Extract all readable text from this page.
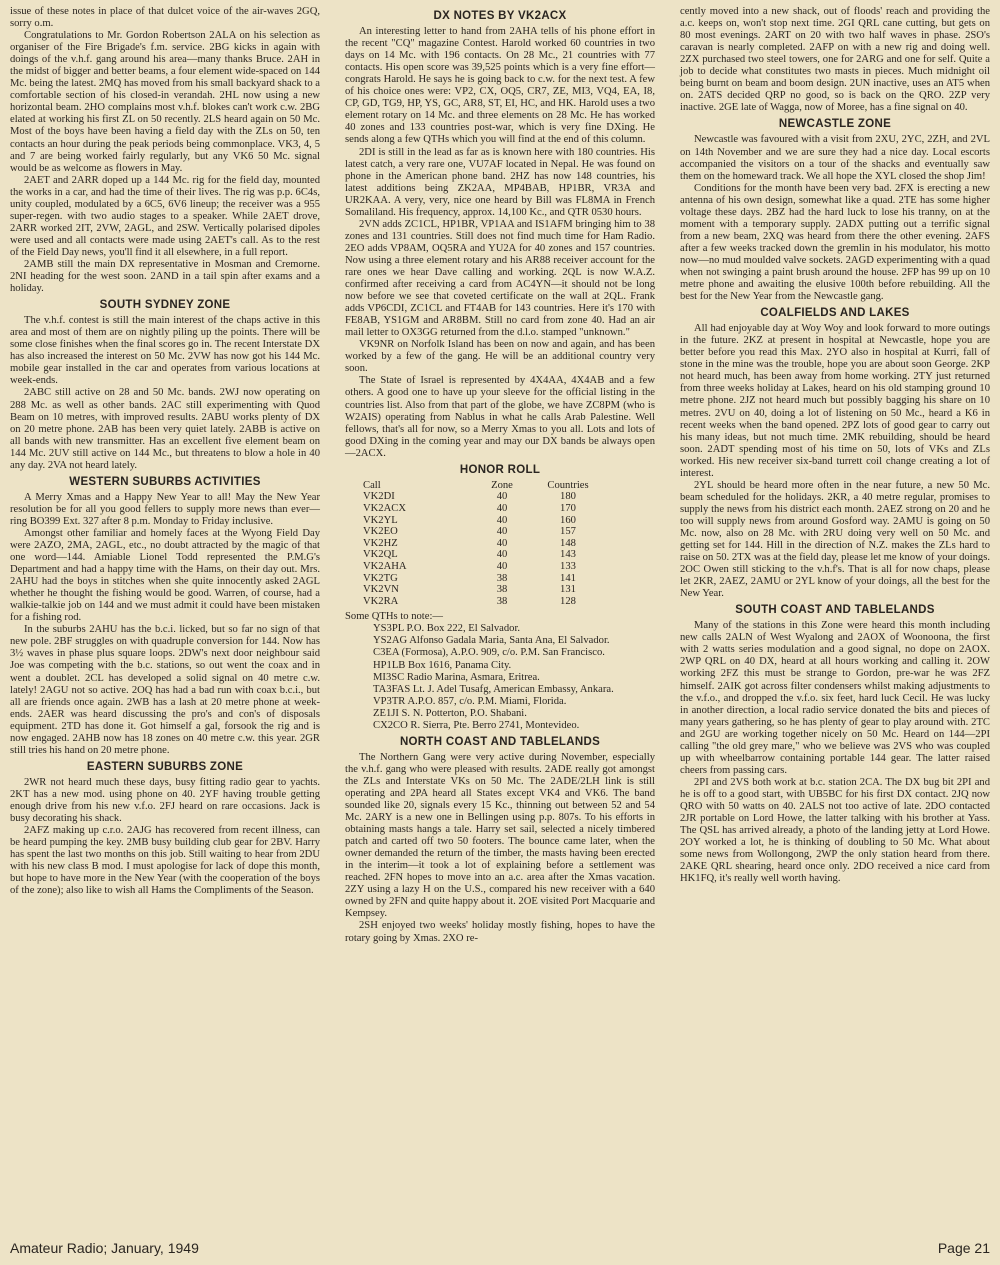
issue of these notes in place of that dulcet voice of the air-waves 2GQ, sorry o.m.

Congratulations to Mr. Gordon Robertson 2ALA on his selection as organiser of the Fire Brigade's f.m. service. 2BG kicks in again with doings of the v.h.f. gang around his area—many thanks Bruce. 2AH in the midst of bigger and better beams, a four element wide-spaced on 144 Mc. being the latest. 2MQ has moved from his small backyard shack to a comfortable section of his closed-in verandah. 2HL now using a new horizontal beam. 2HO complains most v.h.f. blokes can't work c.w. 2BG elated at working his first ZL on 50 recently. 2LS heard again on 50 Mc. Most of the boys have been having a field day with the ZLs on 50, ten contacts an hour during the peak periods being commonplace. VK3, 4, 5 and 7 are being worked fairly regularly, but any VK6 50 Mc. signal would be as welcome as flowers in May.

2AET and 2ARR doped up a 144 Mc. rig for the field day, mounted the works in a car, and had the time of their lives. The rig was p.p. 6C4s, unity coupled, modulated by a 6C5, 6V6 lineup; the receiver was a 955 super-regen. with two audio stages to a speaker. While 2AET drove, 2ARR worked 2IT, 2VW, 2AGL, and 2SW. Vertically polarised dipoles were used and all contacts were made using 2AET's call. As to the rest of the Field Day news, you'll find it all elsewhere, in a full report.

2AMB still the main DX representative in Mosman and Cremorne. 2NI heading for the west soon. 2AND in a tail spin after exams and a holiday.

SOUTH SYDNEY ZONE

The v.h.f. contest is still the main interest of the chaps active in this area and most of them are on nightly piling up the points. There will be some close finishes when the final scores go in. The recent Interstate DX has also increased the interest on 50 Mc. 2VW has now got his 144 Mc. mobile gear installed in the car and operates from various locations at week-ends.

2ABC still active on 28 and 50 Mc. bands. 2WJ now operating on 288 Mc. as well as other bands. 2AC still experimenting with Quod Beam on 10 metres, with improved results. 2ABU works plenty of DX on 20 metre phone. 2AB has been very quiet lately. 2ABB is active on all bands with new transmitter. Has an excellent five element beam on 144 Mc. 2UV still active on 144 Mc., but threatens to blow a hole in 40 any day. 2VA not heard lately.

WESTERN SUBURBS ACTIVITIES

A Merry Xmas and a Happy New Year to all! May the New Year resolution be for all you good fellers to supply more news than ever—ring BO399 Ext. 327 after 8 p.m. Monday to Friday inclusive.

Amongst other familiar and homely faces at the Wyong Field Day were 2AZO, 2MA, 2AGL, etc., no doubt attracted by the magic of that one word—144. Amiable Lionel Todd represented the P.M.G's Department and had a happy time with the Hams, on their day out. Mrs. 2AHU had the boys in stitches when she quite innocently asked 2AGL whether he thought the fishing would be good. Warren, of course, had a walkie-talkie job on 144 and we must admit it could have been mistaken for a fishing rod.

In the suburbs 2AHU has the b.c.i. licked, but so far no sign of that new pole. 2BF struggles on with quadruple conversion for 144. Now has 3½ waves in phase plus square loops. 2DW's next door neighbour said Joe was competing with the b.c. stations, so out went the coax and in went a doublet. 2CL has developed a solid signal on 40 metre c.w. lately! 2AGU not so active. 2OQ has had a bad run with coax b.c.i., but all are friends once again. 2WB has a lash at 20 metre phone at week-ends. 2AER was heard discussing the pro's and con's of disposals equipment. 2TD has done it. Got himself a gal, forsook the rig and is now engaged. 2AHB now has 18 zones on 40 metre c.w. this year. 2GR still tries his hand on 20 metre phone.

EASTERN SUBURBS ZONE

2WR not heard much these days, busy fitting radio gear to yachts. 2KT has a new mod. using phone on 40. 2YF having trouble getting enough drive from his new v.f.o. 2FJ heard on rare occasions. Jack is busy decorating his shack.

2AFZ making up c.r.o. 2AJG has recovered from recent illness, can be heard pumping the key. 2MB busy building club gear for 2BV. Harry has spent the last two months on this job. Still waiting to hear from 2DU with his new class B mod. I must apologise for lack of dope this month, but hope to have more in the New Year (with the cooperation of the boys of the zone); also like to wish all Hams the Compliments of the Season.

DX NOTES BY VK2ACX

An interesting letter to hand from 2AHA tells of his phone effort in the recent "CQ" magazine Contest. Harold worked 60 countries in two days on 14 Mc. with 196 contacts. On 28 Mc., 21 countries with 77 contacts. His open score was 39,525 points which is a very fine effort—congrats Harold. He says he is going back to c.w. for the next test. A few of his choice ones were: VP2, CX, OQ5, CR7, ZE, MI3, VQ4, EA, I8, CP, GD, TG9, HP, YS, GC, AR8, ST, EI, HC, and HK. Harold uses a two element rotary on 14 Mc. and three elements on 28 Mc. He has worked 40 zones and 133 countries post-war, which is very fine DXing. He sends along a few QTHs which you will find at the end of this column.

2DI is still in the lead as far as is known here with 180 countries. His latest catch, a very rare one, VU7AF located in Nepal. He was found on phone in the American phone band. 2HZ has now 148 countries, his latest additions being ZK2AA, MP4BAB, HP1BR, VR3A and UR2KAA. A very, very, nice one heard by Bill was FL8MA in French Somaliland. His frequency, approx. 14,100 Kc., and QTR 0530 hours.

2VN adds ZC1CL, HP1BR, VP1AA and IS1AFM bringing him to 38 zones and 131 countries. Still does not find much time for Ham Radio. 2EO adds VP8AM, OQ5RA and YU2A for 40 zones and 157 countries. Now using a three element rotary and his AR88 receiver account for the rare ones we hear Dave calling and working. 2QL is now W.A.Z. confirmed after receiving a card from AC4YN—it should not be long now before we see that coveted certificate on the wall at 2QL. Frank adds VP6CDI, ZC1CL and FT4AB for 143 countries. Here it's 170 with FE8AB, YS1GM and AR8BM. Still no card from zone 40. Had an air mail letter to OX3GG returned from the d.l.o. stamped "unknown."

VK9NR on Norfolk Island has been on now and again, and has been worked by a few of the gang. He will be an additional country very soon.

The State of Israel is represented by 4X4AA, 4X4AB and a few others. A good one to have up your sleeve for the official listing in the countries list. Also from that part of the globe, we have ZC8PM (who is W2AIS) operating from Nablus in what he calls Arab Palestine. Well fellows, that's all for now, so a Merry Xmas to you all. Lots and lots of good DXing in the coming year and may our DX bands be always open—2ACX.

HONOR ROLL
Call	Zone	Countries
VK2DI	40	180
VK2ACX	40	170
VK2YL	40	160
VK2EO	40	157
VK2HZ	40	148
VK2QL	40	143
VK2AHA	40	133
VK2TG	38	141
VK2VN	38	131
VK2RA	38	128

Some QTHs to note:—

YS3PL P.O. Box 222, El Salvador.

YS2AG Alfonso Gadala Maria, Santa Ana, El Salvador.

C3EA (Formosa), A.P.O. 909, c/o. P.M. San Francisco.

HP1LB Box 1616, Panama City.

MI3SC Radio Marina, Asmara, Eritrea.

TA3FAS Lt. J. Adel Tusafg, American Embassy, Ankara.

VP3TR A.P.O. 857, c/o. P.M. Miami, Florida.

ZE1JI S. N. Potterton, P.O. Shabani.

CX2CO R. Sierra, Pte. Berro 2741, Montevideo.

NORTH COAST AND TABLELANDS

The Northern Gang were very active during November, especially the v.h.f. gang who were pleased with results. 2ADE really got amongst the ZLs and Interstate VKs on 50 Mc. The 2ADE/2LH link is still operating and 2PA heard all States except VK4 and VK6. The band sounded like 20, signals every 15 Kc., thinning out between 52 and 54 Mc. 2ARY is a new one in Bellingen using p.p. 807s. To his efforts in obtaining masts hangs a tale. Harry set sail, selected a nicely timbered patch and carted off two 50 footers. The bounce came later, when the owner demanded the return of the timber, the masts having been erected in the interim—it took a lot of explaining before a settlement was reached. 2FN hopes to move into an a.c. area after the Xmas vacation. 2ZY using a lazy H on the U.S., compared his new receiver with a 640 owned by 2FN and quite happy about it. 2OE visited Port Macquarie and Kempsey.

2SH enjoyed two weeks' holiday mostly fishing, hopes to have the rotary going by Xmas. 2XO re-

cently moved into a new shack, out of floods' reach and providing the a.c. keeps on, won't stop next time. 2GI QRL cane cutting, but gets on 80 most evenings. 2ART on 20 with two half waves in phase. 2SO's caravan is nearly completed. 2AFP on with a new rig and doing well. 2ZX purchased two steel towers, one for 2ARG and one for self. Quite a job to decide what constitutes two masts in pieces. Much midnight oil being burnt on beam and boom design. 2UN inactive, uses an AT5 when on. 2ATS decided QRP no good, so is back on the QRO. 2ZP very inactive. 2GE late of Wagga, now of Moree, has a fine signal on 40.

NEWCASTLE ZONE

Newcastle was favoured with a visit from 2XU, 2YC, 2ZH, and 2VL on 14th November and we are sure they had a nice day. Local escorts accompanied the visitors on a tour of the shacks and eventually saw them on the homeward track. We all hope the XYL closed the shop Jim!

Conditions for the month have been very bad. 2FX is erecting a new antenna of his own design, somewhat like a quad. 2TE has some higher voltage these days. 2BZ had the hard luck to lose his tranny, on at the moment with a temporary supply. 2ADX putting out a terrific signal from a new beam, 2XQ was heard from there the other evening. 2AFS after a few weeks tracked down the gremlin in his modulator, his motto now—no mud moulded valve sockets. 2AGD experimenting with a quad when not swinging a paint brush around the house. 2FP has 99 up on 10 metre phone and awaiting the elusive 100th before rebuilding. All the best for the New Year from the Newcastle gang.

COALFIELDS AND LAKES

All had enjoyable day at Woy Woy and look forward to more outings in the future. 2KZ at present in hospital at Newcastle, hope you are better before you read this Max. 2YO also in hospital at Kurri, fall of stone in the mine was the trouble, hope you are about soon George. 2KP not heard much, has been away from home working. 2TY just returned from three weeks holiday at Lakes, heard on his old stamping ground 10 metre phone. 2JZ not heard much but possibly bagging his share on 10 metres. 2VU on 40, doing a lot of listening on 50 Mc., heard a K6 in recent weeks when the band opened. 2PZ lots of good gear to carry out his many ideas, but not much time. 2MK rebuilding, should be heard soon. 2ADT spending most of his time on 50, lots of VKs and ZLs worked. His new receiver six-band turrett coil change creating a lot of interest.

2YL should be heard more often in the near future, a new 50 Mc. beam scheduled for the holidays. 2KR, a 40 metre regular, promises to supply the news from his district each month. 2AEZ strong on 20 and he too will supply news from around Gosford way. 2AMU is going on 50 Mc. now, also on 28 Mc. with 2RU doing very well on 50 Mc. and getting set for 144. Hill in the direction of N.Z. makes the ZLs hard to raise on 50. 2TX was at the field day, please let me know of your doings. 2OC Owen still sticking to the v.h.f's. That is all for now chaps, please let 2KR, 2AEZ, 2AMU or 2YL know of your doings, all the best for the New Year.

SOUTH COAST AND TABLELANDS

Many of the stations in this Zone were heard this month including new calls 2ALN of West Wyalong and 2AOX of Woonoona, the first with 2 watts series modulation and a good signal, no dope on 2AOX. 2WP QRL on 40 DX, heard at all hours working and calling it. 2OW working 2FZ this must be strange to Gordon, pre-war he was 2FZ himself. 2AIK got across filter condensers whilst making adjustments to the v.f.o., and dropped the v.f.o. six feet, hard luck Cecil. He was lucky in another direction, a local radio service donated the bits and pieces of many years gathering, so he has plenty of gear to play around with. 2TC and 2GU are working together nicely on 50 Mc. Heard on 144—2PI calling "the old grey mare," who we believe was 2VS who was coupled up with wheelbarrow containing portable 144 gear. The latter raised cheers from passing cars.

2PI and 2VS both work at b.c. station 2CA. The DX bug bit 2PI and he is off to a good start, with UB5BC for his first DX contact. 2JQ now QRO with 50 watts on 40. 2ALS not too active of late. 2DO contacted 2JR portable on Lord Howe, the latter talking with his brother at Yass. The QSL has arrived already, a photo of the landing jetty at Lord Howe. 2OY worked a lot, he is thinking of doubling to 50 Mc. What about some news from Wollongong, 2WP the only station heard from there. 2AKE QRL shearing, heard once only. 2DO received a nice card from HK1FQ, it's really well worth having.

Amateur Radio; January, 1949	Page 21
